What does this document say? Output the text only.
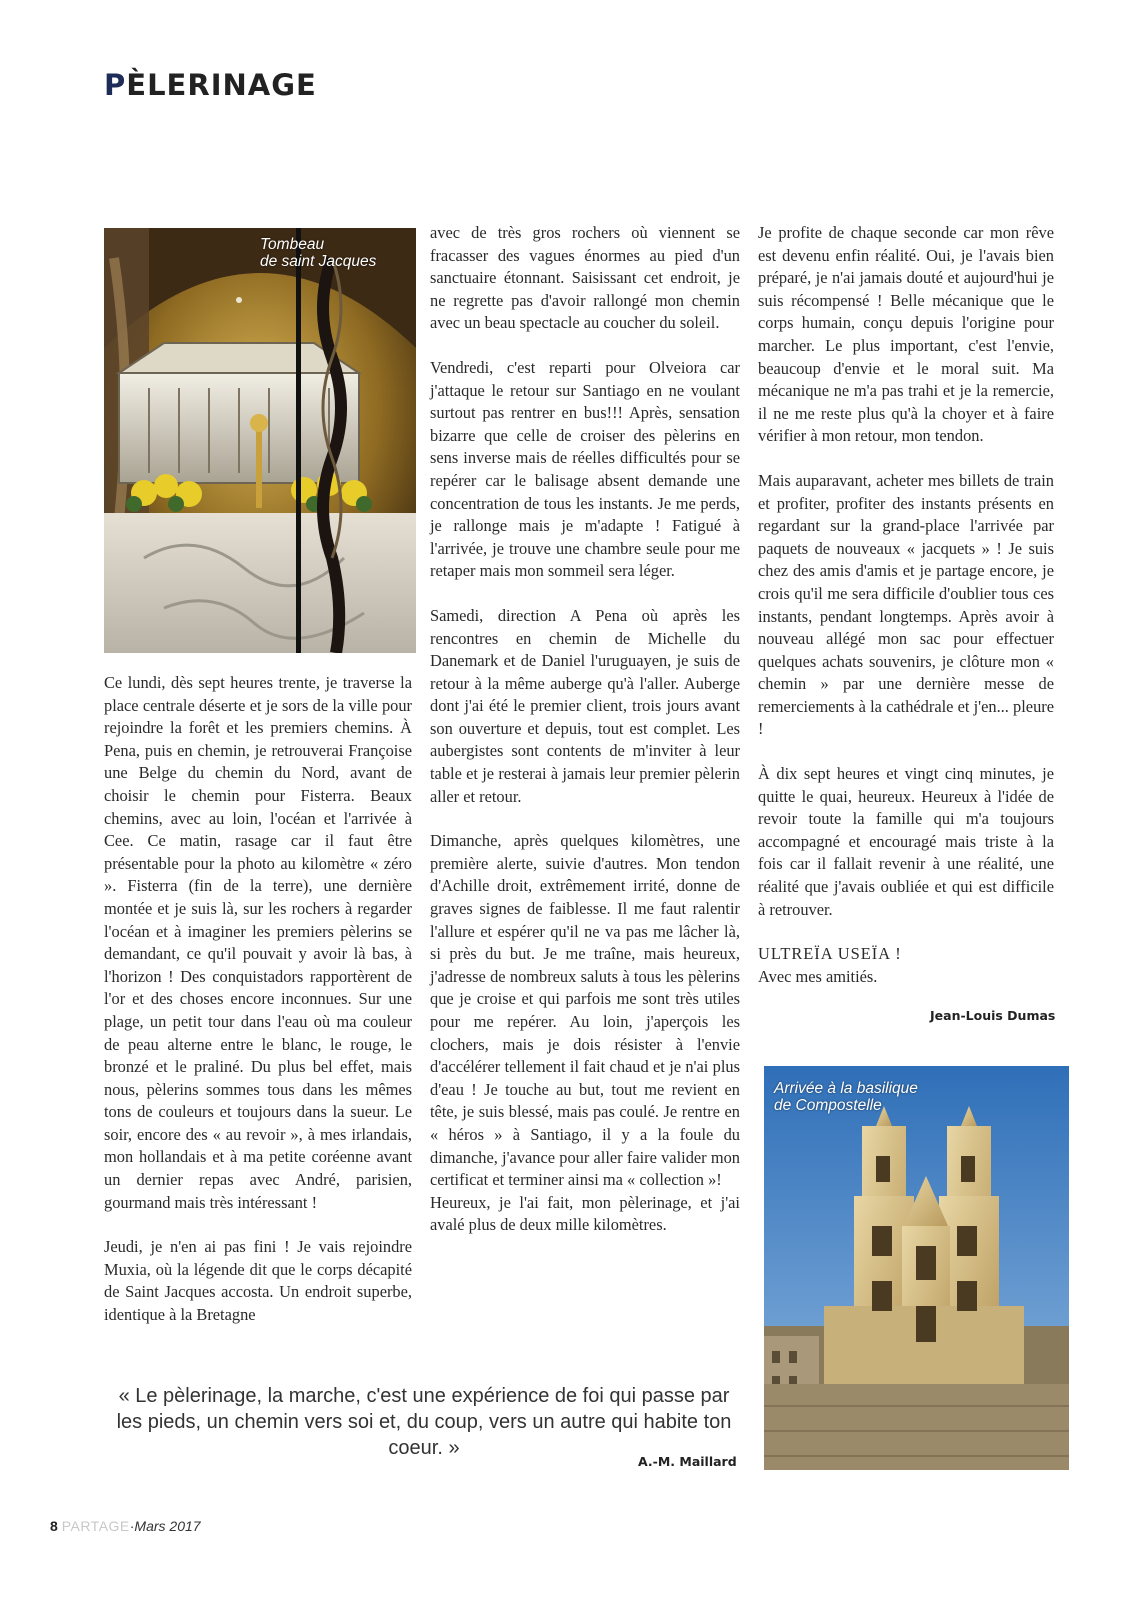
PÈLERINAGE
Tombeau
de saint Jacques

Ce lundi, dès sept heures trente, je traverse la place centrale déserte et je sors de la ville pour rejoindre la forêt et les premiers chemins. À Pena, puis en chemin, je retrouverai Françoise une Belge du chemin du Nord, avant de choisir le chemin pour Fisterra. Beaux chemins, avec au loin, l'océan et l'arrivée à Cee. Ce matin, rasage car il faut être présentable pour la photo au kilomètre « zéro ». Fisterra (fin de la terre), une dernière montée et je suis là, sur les rochers à regarder l'océan et à imaginer les premiers pèlerins se demandant, ce qu'il pouvait y avoir là bas, à l'horizon ! Des conquistadors rapportèrent de l'or et des choses encore inconnues. Sur une plage, un petit tour dans l'eau où ma couleur de peau alterne entre le blanc, le rouge, le bronzé et le praliné. Du plus bel effet, mais nous, pèlerins sommes tous dans les mêmes tons de couleurs et toujours dans la sueur. Le soir, encore des « au revoir », à mes irlandais, mon hollandais et à ma petite coréenne avant un dernier repas avec André, parisien, gourmand mais très intéressant !

Jeudi, je n'en ai pas fini ! Je vais rejoindre Muxia, où la légende dit que le corps décapité de Saint Jacques accosta. Un endroit superbe, identique à la Bretagne

avec de très gros rochers où viennent se fracasser des vagues énormes au pied d'un sanctuaire étonnant. Saisissant cet endroit, je ne regrette pas d'avoir rallongé mon chemin avec un beau spectacle au coucher du soleil.

Vendredi, c'est reparti pour Olveiora car j'attaque le retour sur Santiago en ne voulant surtout pas rentrer en bus!!! Après, sensation bizarre que celle de croiser des pèlerins en sens inverse mais de réelles difficultés pour se repérer car le balisage absent demande une concentration de tous les instants. Je me perds, je rallonge mais je m'adapte ! Fatigué à l'arrivée, je trouve une chambre seule pour me retaper mais mon sommeil sera léger.

Samedi, direction A Pena où après les rencontres en chemin de Michelle du Danemark et de Daniel l'uruguayen, je suis de retour à la même auberge qu'à l'aller. Auberge dont j'ai été le premier client, trois jours avant son ouverture et depuis, tout est complet. Les aubergistes sont contents de m'inviter à leur table et je resterai à jamais leur premier pèlerin aller et retour.

Dimanche, après quelques kilomètres, une première alerte, suivie d'autres. Mon tendon d'Achille droit, extrêmement irrité, donne de graves signes de faiblesse. Il me faut ralentir l'allure et espérer qu'il ne va pas me lâcher là, si près du but. Je me traîne, mais heureux, j'adresse de nombreux saluts à tous les pèlerins que je croise et qui parfois me sont très utiles pour me repérer. Au loin, j'aperçois les clochers, mais je dois résister à l'envie d'accélérer tellement il fait chaud et je n'ai plus d'eau ! Je touche au but, tout me revient en tête, je suis blessé, mais pas coulé. Je rentre en « héros » à Santiago, il y a la foule du dimanche, j'avance pour aller faire valider mon certificat et terminer ainsi ma « collection »!

Heureux, je l'ai fait, mon pèlerinage, et j'ai avalé plus de deux mille kilomètres.

Je profite de chaque seconde car mon rêve est devenu enfin réalité. Oui, je l'avais bien préparé, je n'ai jamais douté et aujourd'hui je suis récompensé ! Belle mécanique que le corps humain, conçu depuis l'origine pour marcher. Le plus important, c'est l'envie, beaucoup d'envie et le moral suit. Ma mécanique ne m'a pas trahi et je la remercie, il ne me reste plus qu'à la choyer et à faire vérifier à mon retour, mon tendon.

Mais auparavant, acheter mes billets de train et profiter, profiter des instants présents en regardant sur la grand-place l'arrivée par paquets de nouveaux « jacquets » ! Je suis chez des amis d'amis et je partage encore, je crois qu'il me sera difficile d'oublier tous ces instants, pendant longtemps. Après avoir à nouveau allégé mon sac pour effectuer quelques achats souvenirs, je clôture mon « chemin » par une dernière messe de remerciements à la cathédrale et j'en... pleure !

À dix sept heures et vingt cinq minutes, je quitte le quai, heureux. Heureux à l'idée de revoir toute la famille qui m'a toujours accompagné et encouragé mais triste à la fois car il fallait revenir à une réalité, une réalité que j'avais oubliée et qui est difficile à retrouver.

ULTREÏA USEÏA !
Avec mes amitiés.
Jean-Louis Dumas
Arrivée à la basilique
de Compostelle
« Le pèlerinage, la marche, c'est une expérience de foi qui passe par les pieds, un chemin vers soi et, du coup, vers un autre qui habite ton coeur. »
A.-M. Maillard
8 PARTAGE·Mars 2017
